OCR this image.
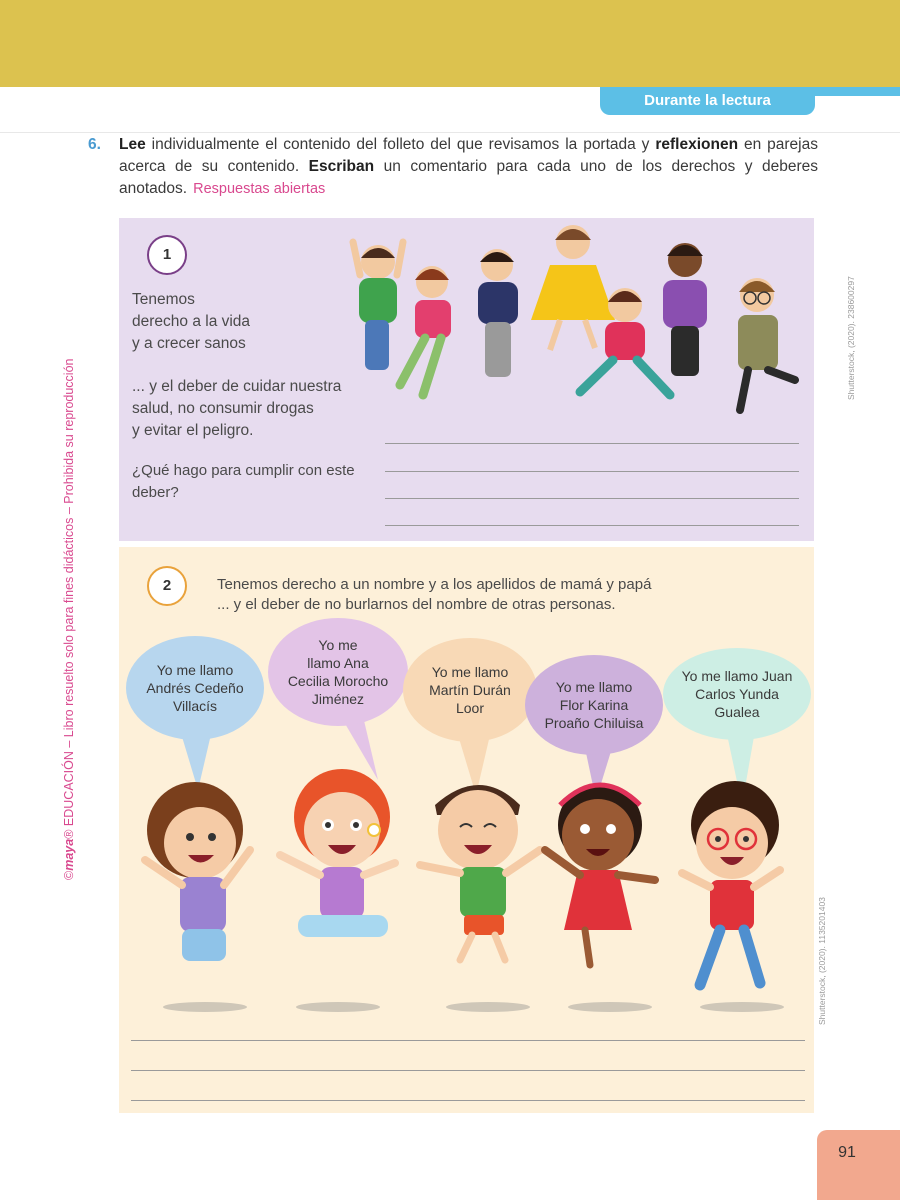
Durante la lectura
6. Lee individualmente el contenido del folleto del que revisamos la portada y reflexionen en parejas acerca de su contenido. Escriban un comentario para cada uno de los derechos y deberes anotados. Respuestas abiertas
©maya® EDUCACIÓN – Libro resuelto solo para fines didácticos – Prohibida su reproducción
1
Tenemos
derecho a la vida
y a crecer sanos
... y el deber de cuidar nuestra
salud, no consumir drogas
y evitar el peligro.
¿Qué hago para cumplir con este
deber?
Shutterstock, (2020). 238600297
2	Tenemos derecho a un nombre y a los apellidos de mamá y papá
... y el deber de no burlarnos del nombre de otras personas.
Yo me llamo
Andrés Cedeño
Villacís
Yo me
llamo Ana
Cecilia Morocho
Jiménez
Yo me llamo
Martín Durán
Loor
Yo me llamo
Flor Karina
Proaño Chiluisa
Yo me llamo Juan
Carlos Yunda
Gualea
Shutterstock, (2020). 1135201403
91
